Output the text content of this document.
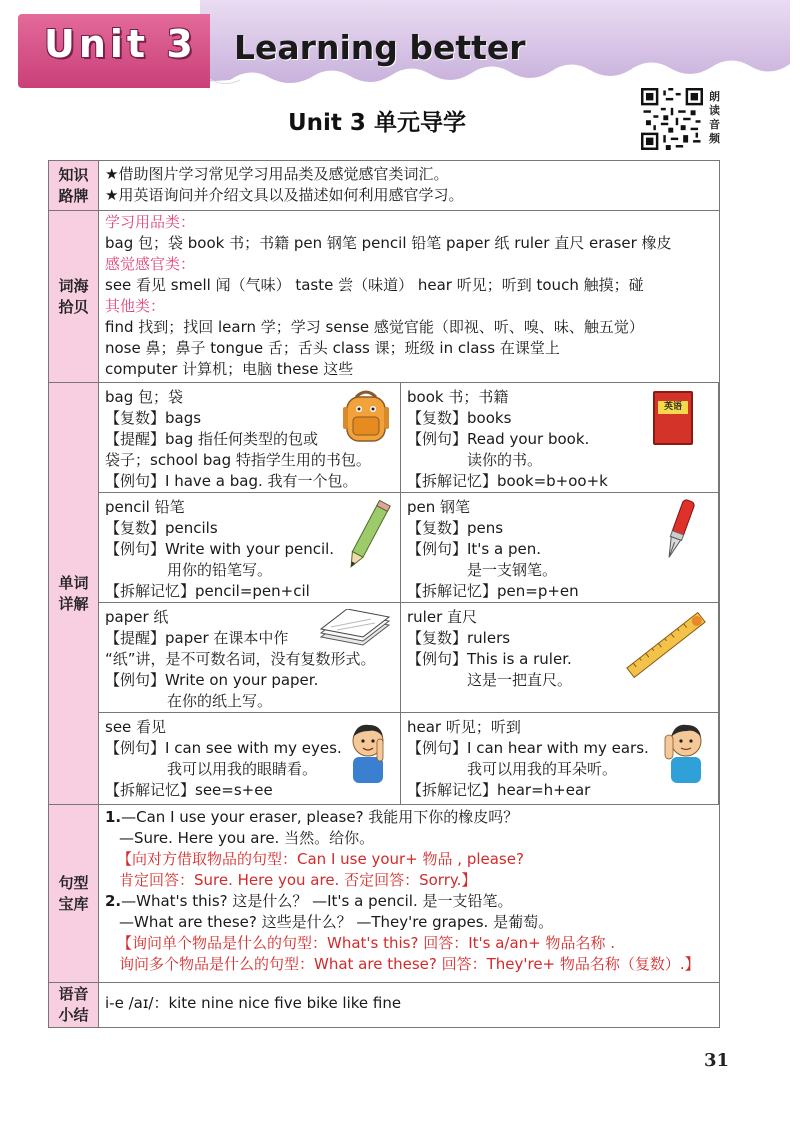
Unit 3 Learning better
Unit 3 单元导学
朗读音频
知识路牌
★借助图片学习常见学习用品类及感觉感官类词汇。
★用英语询问并介绍文具以及描述如何利用感官学习。
词海拾贝
学习用品类：
bag 包；袋 book 书；书籍 pen 钢笔 pencil 铅笔 paper 纸 ruler 直尺 eraser 橡皮
感觉感官类：
see 看见 smell 闻（气味） taste 尝（味道） hear 听见；听到 touch 触摸；碰
其他类：
find 找到；找回 learn 学；学习 sense 感觉官能（即视、听、嗅、味、触五觉）
nose 鼻；鼻子 tongue 舌；舌头 class 课；班级 in class 在课堂上
computer 计算机；电脑 these 这些
单词详解
bag 包；袋
【复数】bags
【提醒】bag 指任何类型的包或
袋子；school bag 特指学生用的书包。
【例句】I have a bag. 我有一个包。
book 书；书籍
【复数】books
【例句】Read your book.
读你的书。
【拆解记忆】book=b+oo+k
英语
pencil 铅笔
【复数】pencils
【例句】Write with your pencil.
用你的铅笔写。
【拆解记忆】pencil=pen+cil
pen 钢笔
【复数】pens
【例句】It's a pen.
是一支钢笔。
【拆解记忆】pen=p+en
paper 纸
【提醒】paper 在课本中作
“纸”讲，是不可数名词，没有复数形式。
【例句】Write on your paper.
在你的纸上写。
ruler 直尺
【复数】rulers
【例句】This is a ruler.
这是一把直尺。
see 看见
【例句】I can see with my eyes.
我可以用我的眼睛看。
【拆解记忆】see=s+ee
hear 听见；听到
【例句】I can hear with my ears.
我可以用我的耳朵听。
【拆解记忆】hear=h+ear
句型宝库
1.—Can I use your eraser, please? 我能用下你的橡皮吗？
—Sure. Here you are. 当然。给你。
【向对方借取物品的句型：Can I use your+ 物品 , please?
肯定回答：Sure. Here you are. 否定回答：Sorry.】
2.—What's this? 这是什么？ —It's a pencil. 是一支铅笔。
—What are these? 这些是什么？ —They're grapes. 是葡萄。
【询问单个物品是什么的句型：What's this? 回答：It's a/an+ 物品名称 .
询问多个物品是什么的句型：What are these? 回答：They're+ 物品名称（复数）.】
语音小结
i-e /aɪ/：kite nine nice five bike like fine
31
